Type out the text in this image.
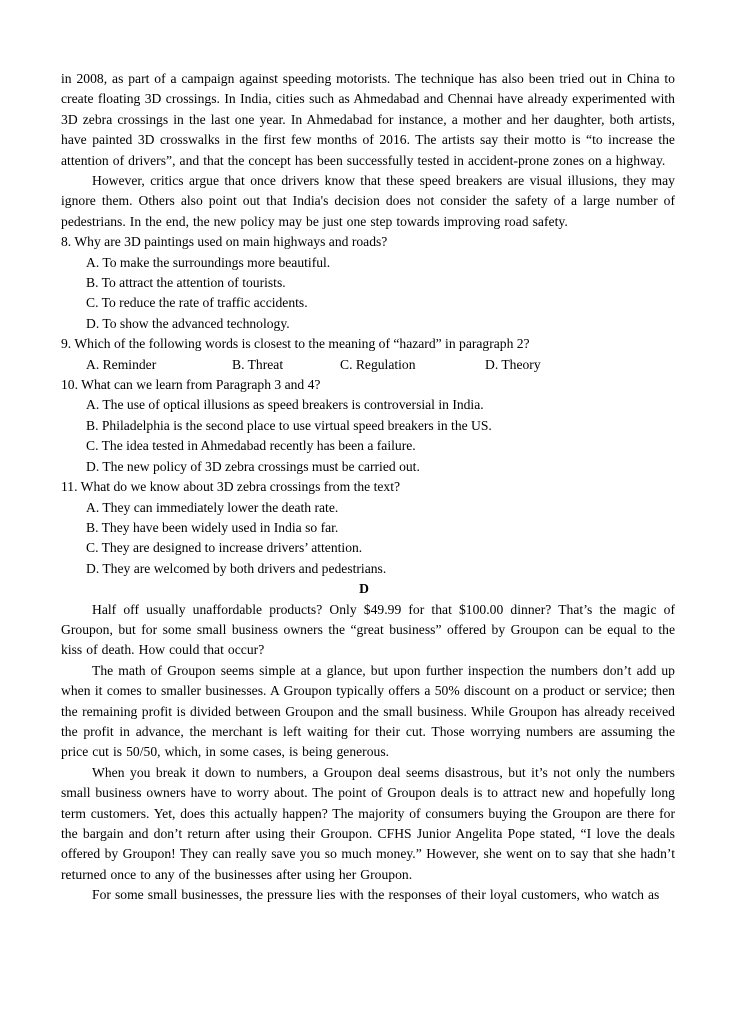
in 2008, as part of a campaign against speeding motorists. The technique has also been tried out in China to create floating 3D crossings. In India, cities such as Ahmedabad and Chennai have already experimented with 3D zebra crossings in the last one year. In Ahmedabad for instance, a mother and her daughter, both artists, have painted 3D crosswalks in the first few months of 2016. The artists say their motto is “to increase the attention of drivers”, and that the concept has been successfully tested in accident-prone zones on a highway.

However, critics argue that once drivers know that these speed breakers are visual illusions, they may ignore them. Others also point out that India's decision does not consider the safety of a large number of pedestrians. In the end, the new policy may be just one step towards improving road safety.

8. Why are 3D paintings used on main highways and roads?

A. To make the surroundings more beautiful.

B. To attract the attention of tourists.

C. To reduce the rate of traffic accidents.

D. To show the advanced technology.

9. Which of the following words is closest to the meaning of “hazard” in paragraph 2?

A. Reminder	B. Threat	C. Regulation	D. Theory

10. What can we learn from Paragraph 3 and 4?

A. The use of optical illusions as speed breakers is controversial in India.

B. Philadelphia is the second place to use virtual speed breakers in the US.

C. The idea tested in Ahmedabad recently has been a failure.

D. The new policy of 3D zebra crossings must be carried out.

11. What do we know about 3D zebra crossings from the text?

A. They can immediately lower the death rate.

B. They have been widely used in India so far.

C. They are designed to increase drivers’ attention.

D. They are welcomed by both drivers and pedestrians.

D

Half off usually unaffordable products? Only $49.99 for that $100.00 dinner? That’s the magic of Groupon, but for some small business owners the “great business” offered by Groupon can be equal to the kiss of death. How could that occur?

The math of Groupon seems simple at a glance, but upon further inspection the numbers don’t add up when it comes to smaller businesses. A Groupon typically offers a 50% discount on a product or service; then the remaining profit is divided between Groupon and the small business. While Groupon has already received the profit in advance, the merchant is left waiting for their cut. Those worrying numbers are assuming the price cut is 50/50, which, in some cases, is being generous.

When you break it down to numbers, a Groupon deal seems disastrous, but it’s not only the numbers small business owners have to worry about. The point of Groupon deals is to attract new and hopefully long term customers. Yet, does this actually happen? The majority of consumers buying the Groupon are there for the bargain and don’t return after using their Groupon. CFHS Junior Angelita Pope stated, “I love the deals offered by Groupon! They can really save you so much money.” However, she went on to say that she hadn’t returned once to any of the businesses after using her Groupon.

For some small businesses, the pressure lies with the responses of their loyal customers, who watch as
